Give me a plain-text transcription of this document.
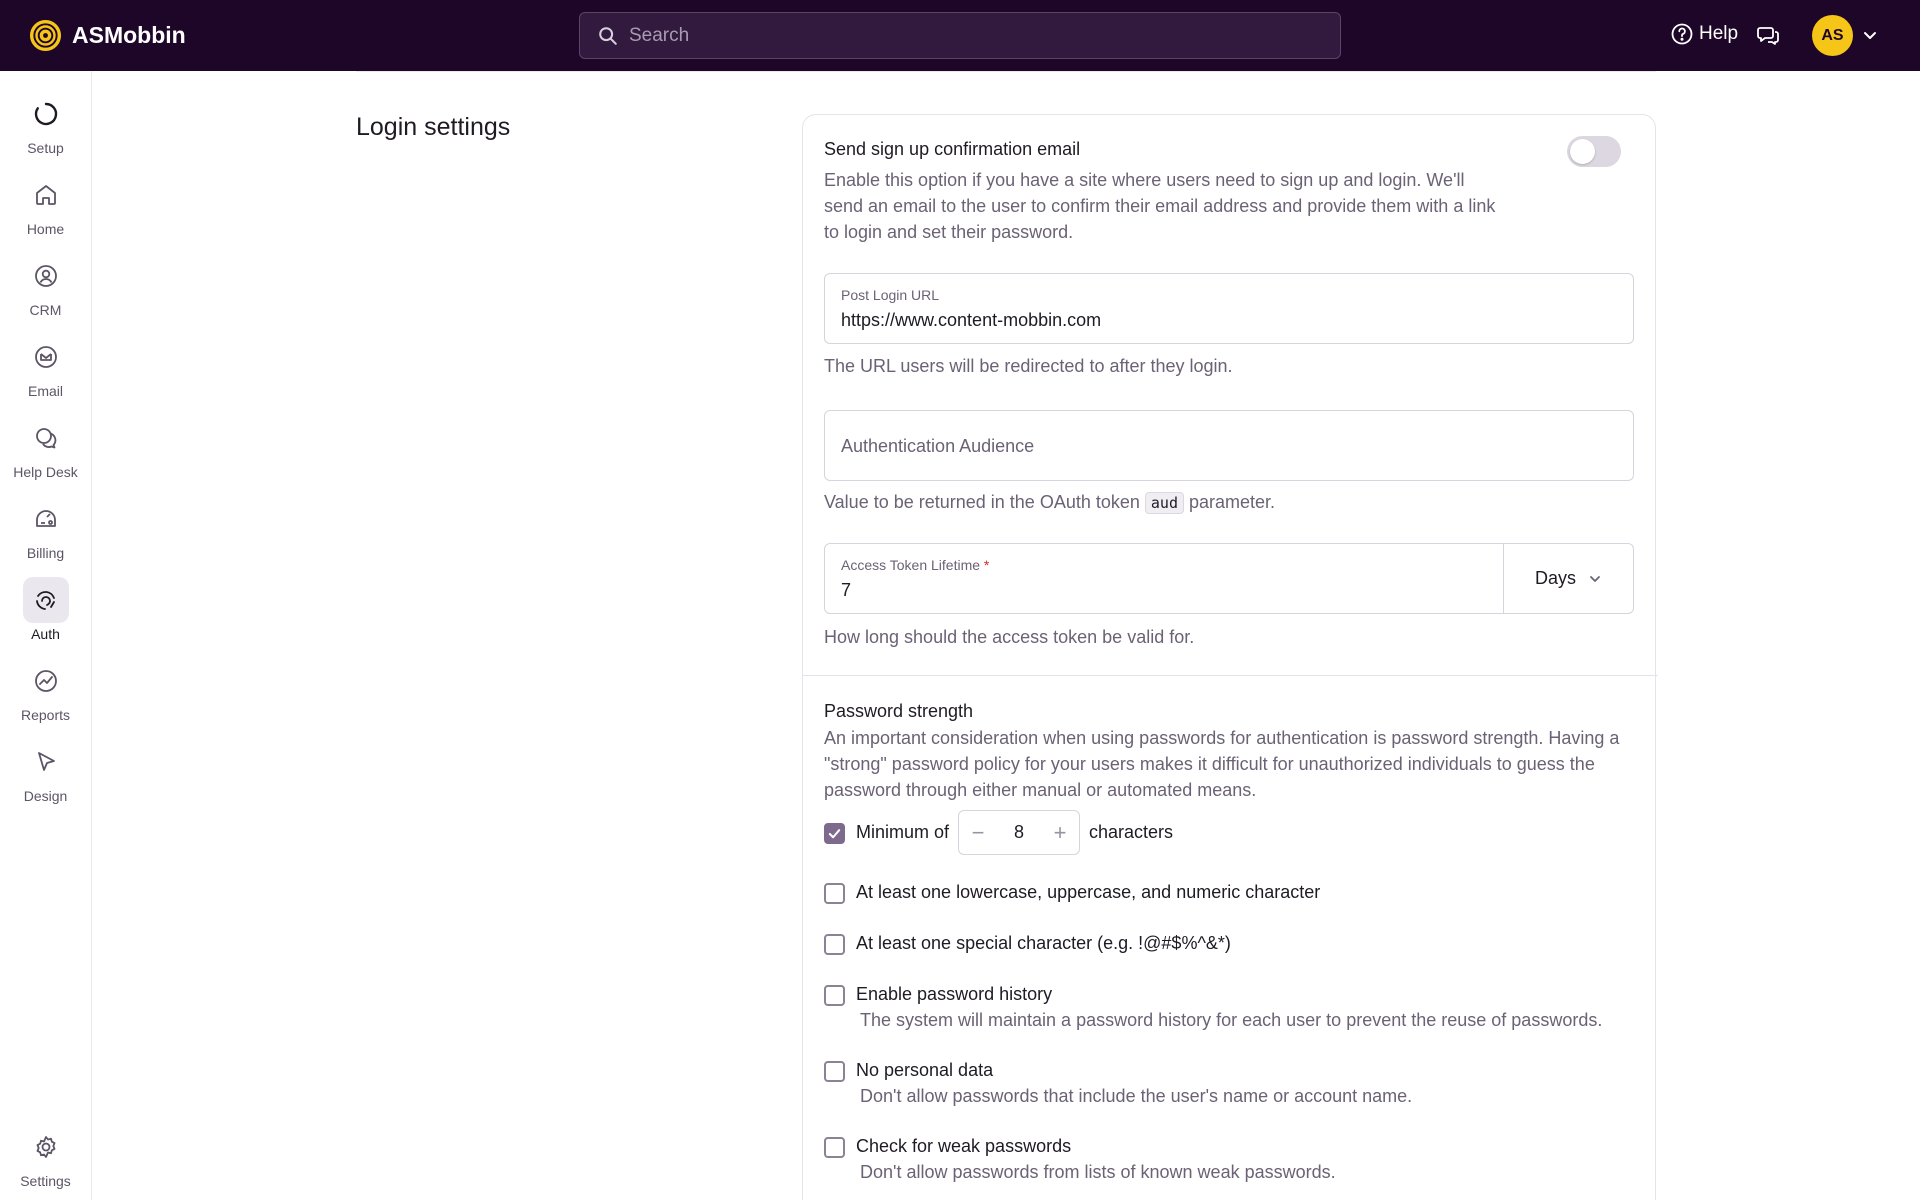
ASMobbin
Search	Help	AS
Setup
Home
CRM
Email
Help Desk
Billing
Auth
Reports
Design
Settings
Login settings
Send sign up confirmation email
Enable this option if you have a site where users need to sign up and login. We'll send an email to the user to confirm their email address and provide them with a link to login and set their password.
Post Login URL
https://www.content-mobbin.com
The URL users will be redirected to after they login.
Authentication Audience
Value to be returned in the OAuth token aud parameter.
Access Token Lifetime *
7
Days
How long should the access token be valid for.
Password strength
An important consideration when using passwords for authentication is password strength. Having a "strong" password policy for your users makes it difficult for unauthorized individuals to guess the password through either manual or automated means.
Minimum of	−	8	+	characters
At least one lowercase, uppercase, and numeric character
At least one special character (e.g. !@#$%^&*)
Enable password history
The system will maintain a password history for each user to prevent the reuse of passwords.
No personal data
Don't allow passwords that include the user's name or account name.
Check for weak passwords
Don't allow passwords from lists of known weak passwords.
